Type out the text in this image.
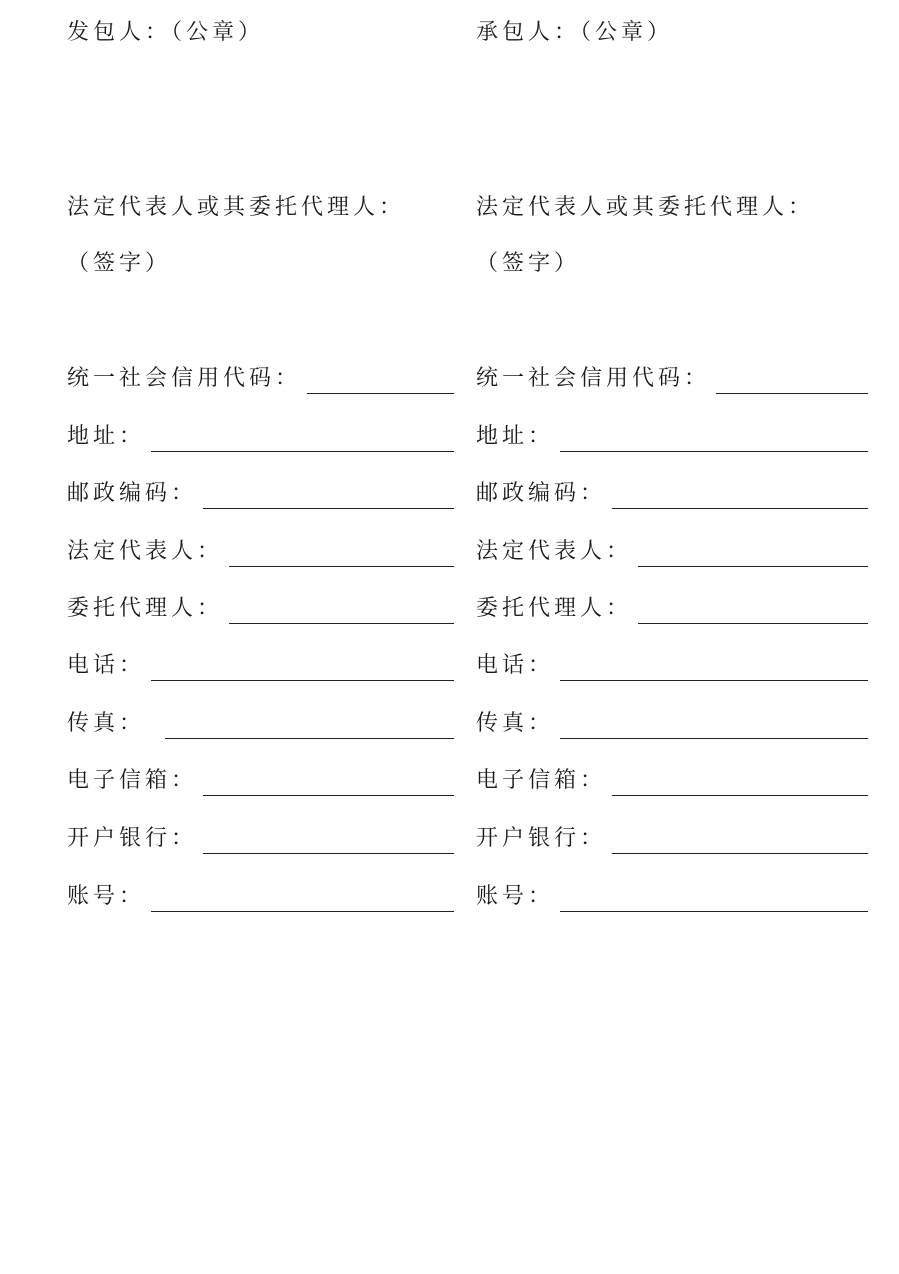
发包人：（公章）
法定代表人或其委托代理人：
（签字）
统一社会信用代码：
地址：
邮政编码：
法定代表人：
委托代理人：
电话：
传真：
电子信箱：
开户银行：
账号：
承包人：（公章）
法定代表人或其委托代理人：
（签字）
统一社会信用代码：
地址：
邮政编码：
法定代表人：
委托代理人：
电话：
传真：
电子信箱：
开户银行：
账号：
